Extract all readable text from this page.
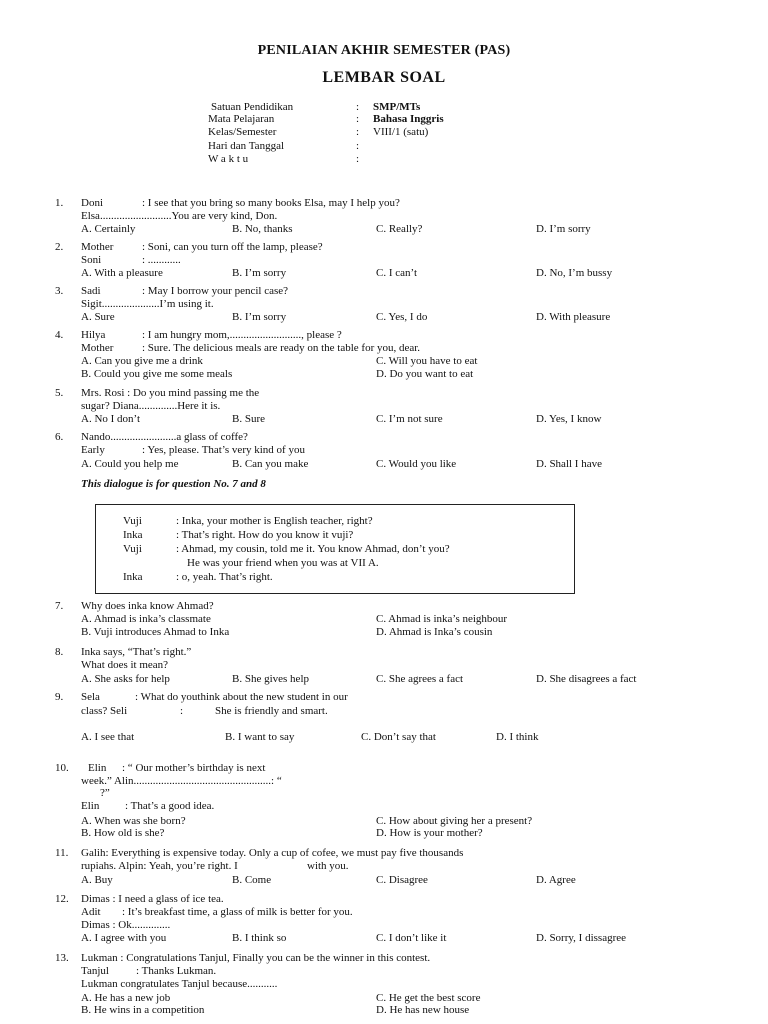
PENILAIAN AKHIR SEMESTER (PAS)
LEMBAR SOAL
Satuan Pendidikan	: SMP/MTs
Mata Pelajaran	: Bahasa Inggris
Kelas/Semester	: VIII/1 (satu)
Hari dan Tanggal	:
W a k t u	:
1. Doni	: I see that you bring so many books Elsa, may I help you?
Elsa..........................You are very kind, Don.
A. Certainly	B. No, thanks	C. Really?	D. I’m sorry
2. Mother	: Soni, can you turn off the lamp, please?
Soni	: ............
A. With a pleasure	B. I’m sorry	C. I can’t	D. No, I’m bussy
3. Sadi	: May I borrow your pencil case?
Sigit.....................I’m using it.
A. Sure	B. I’m sorry	C. Yes, I do	D. With pleasure
4. Hilya	: I am hungry mom,.........................., please ?
Mother	: Sure. The delicious meals are ready on the table for you, dear.
A. Can you give me a drink	C. Will you have to eat
B. Could you give me some meals	D. Do you want to eat
5. Mrs. Rosi : Do you mind passing me the
sugar? Diana..............Here it is.
A. No I don’t	B. Sure	C. I’m not sure	D. Yes, I know
6. Nando........................a glass of coffe?
Early	: Yes, please. That’s very kind of you
A. Could you help me	B. Can you make	C. Would you like	D. Shall I have
This dialogue is for question No. 7 and 8
Vuji	: Inka, your mother is English teacher, right?
Inka	: That’s right. How do you know it vuji?
Vuji	: Ahmad, my cousin, told me it. You know Ahmad, don’t you?
He was your friend when you was at VII A.
Inka	: o, yeah. That’s right.
7. Why does inka know Ahmad?
A. Ahmad is inka’s classmate	C. Ahmad is inka’s neighbour
B. Vuji introduces Ahmad to Inka	D. Ahmad is Inka’s cousin
8. Inka says, “That’s right.”
What does it mean?
A. She asks for help	B. She gives help	C. She agrees a fact	D. She disagrees a fact
9. Sela	: What do youthink about the new student in our
class? Seli	:	She is friendly and smart.
A. I see that	B. I want to say	C. Don’t say that	D. I think
10. Elin : “ Our mother’s birthday is next
week.” Alin..................................................: “
?”
Elin : That’s a good idea.
A. When was she born?	C. How about giving her a present?
B. How old is she?	D. How is your mother?
11. Galih: Everything is expensive today. Only a cup of cofee, we must pay five thousands
rupiahs. Alpin: Yeah, you’re right. I	with you.
A. Buy	B. Come	C. Disagree	D. Agree
12. Dimas : I need a glass of ice tea.
Adit : It’s breakfast time, a glass of milk is better for you.
Dimas : Ok..............
A. I agree with you	B. I think so	C. I don’t like it	D. Sorry, I dissagree
13. Lukman : Congratulations Tanjul, Finally you can be the winner in this contest.
Tanjul : Thanks Lukman.
Lukman congratulates Tanjul because...........
A. He has a new job	C. He get the best score
B. He wins in a competition	D. He has new house
